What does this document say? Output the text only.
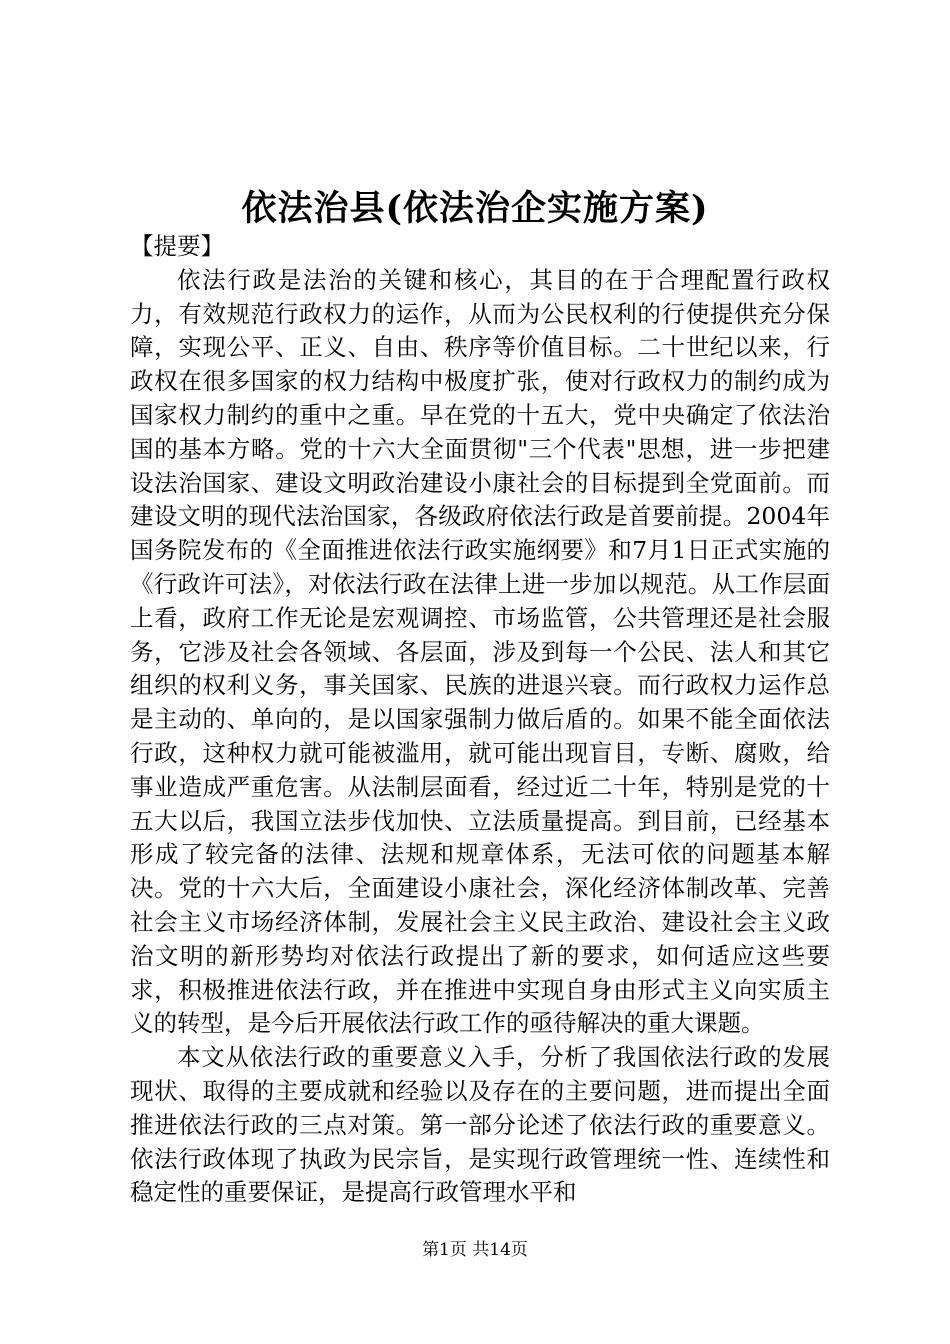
依法治县(依法治企实施方案)

【提要】

依法行政是法治的关键和核心，其目的在于合理配置行政权力，有效规范行政权力的运作，从而为公民权利的行使提供充分保障，实现公平、正义、自由、秩序等价值目标。二十世纪以来，行政权在很多国家的权力结构中极度扩张，使对行政权力的制约成为国家权力制约的重中之重。早在党的十五大，党中央确定了依法治国的基本方略。党的十六大全面贯彻"三个代表"思想，进一步把建设法治国家、建设文明政治建设小康社会的目标提到全党面前。而建设文明的现代法治国家，各级政府依法行政是首要前提。2004年国务院发布的《全面推进依法行政实施纲要》和7月1日正式实施的《行政许可法》，对依法行政在法律上进一步加以规范。从工作层面上看，政府工作无论是宏观调控、市场监管，公共管理还是社会服务，它涉及社会各领域、各层面，涉及到每一个公民、法人和其它组织的权利义务，事关国家、民族的进退兴衰。而行政权力运作总是主动的、单向的，是以国家强制力做后盾的。如果不能全面依法行政，这种权力就可能被滥用，就可能出现盲目，专断、腐败，给事业造成严重危害。从法制层面看，经过近二十年，特别是党的十五大以后，我国立法步伐加快、立法质量提高。到目前，已经基本形成了较完备的法律、法规和规章体系，无法可依的问题基本解决。党的十六大后，全面建设小康社会，深化经济体制改革、完善社会主义市场经济体制，发展社会主义民主政治、建设社会主义政治文明的新形势均对依法行政提出了新的要求，如何适应这些要求，积极推进依法行政，并在推进中实现自身由形式主义向实质主义的转型，是今后开展依法行政工作的亟待解决的重大课题。

本文从依法行政的重要意义入手，分析了我国依法行政的发展现状、取得的主要成就和经验以及存在的主要问题，进而提出全面推进依法行政的三点对策。第一部分论述了依法行政的重要意义。依法行政体现了执政为民宗旨，是实现行政管理统一性、连续性和稳定性的重要保证，是提高行政管理水平和

第1页 共14页
